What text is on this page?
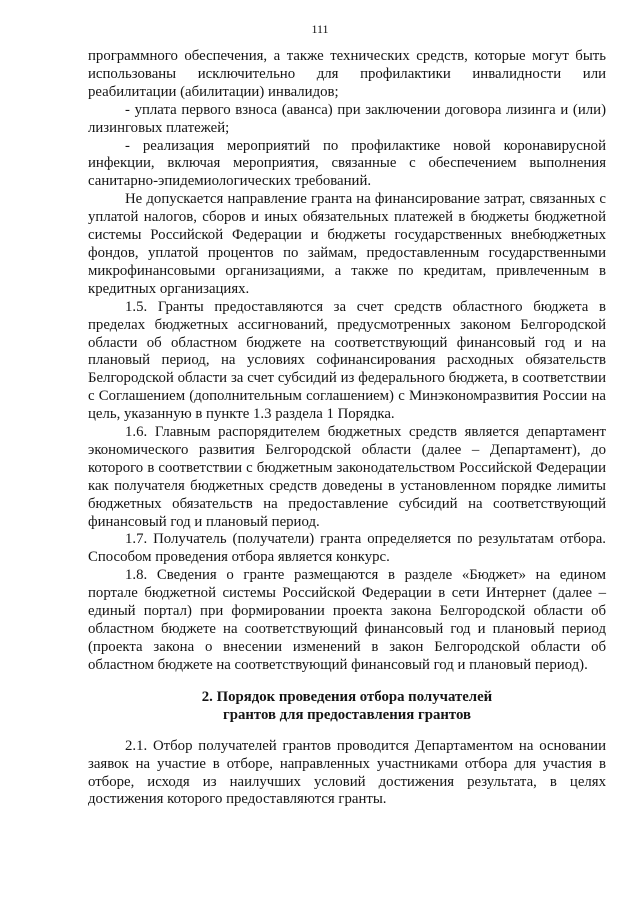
111

программного обеспечения, а также технических средств, которые могут быть использованы исключительно для профилактики инвалидности или реабилитации (абилитации) инвалидов;

- уплата первого взноса (аванса) при заключении договора лизинга и (или) лизинговых платежей;

- реализация мероприятий по профилактике новой коронавирусной инфекции, включая мероприятия, связанные с обеспечением выполнения санитарно-эпидемиологических требований.

Не допускается направление гранта на финансирование затрат, связанных с уплатой налогов, сборов и иных обязательных платежей в бюджеты бюджетной системы Российской Федерации и бюджеты государственных внебюджетных фондов, уплатой процентов по займам, предоставленным государственными микрофинансовыми организациями, а также по кредитам, привлеченным в кредитных организациях.

1.5. Гранты предоставляются за счет средств областного бюджета в пределах бюджетных ассигнований, предусмотренных законом Белгородской области об областном бюджете на соответствующий финансовый год и на плановый период, на условиях софинансирования расходных обязательств Белгородской области за счет субсидий из федерального бюджета, в соответствии с Соглашением (дополнительным соглашением) с Минэкономразвития России на цель, указанную в пункте 1.3 раздела 1 Порядка.

1.6. Главным распорядителем бюджетных средств является департамент экономического развития Белгородской области (далее – Департамент), до которого в соответствии с бюджетным законодательством Российской Федерации как получателя бюджетных средств доведены в установленном порядке лимиты бюджетных обязательств на предоставление субсидий на соответствующий финансовый год и плановый период.

1.7. Получатель (получатели) гранта определяется по результатам отбора. Способом проведения отбора является конкурс.

1.8. Сведения о гранте размещаются в разделе «Бюджет» на едином портале бюджетной системы Российской Федерации в сети Интернет (далее – единый портал) при формировании проекта закона Белгородской области об областном бюджете на соответствующий финансовый год и плановый период (проекта закона о внесении изменений в закон Белгородской области об областном бюджете на соответствующий финансовый год и плановый период).

2. Порядок проведения отбора получателей
грантов для предоставления грантов

2.1. Отбор получателей грантов проводится Департаментом на основании заявок на участие в отборе, направленных участниками отбора для участия в отборе, исходя из наилучших условий достижения результата, в целях достижения которого предоставляются гранты.
